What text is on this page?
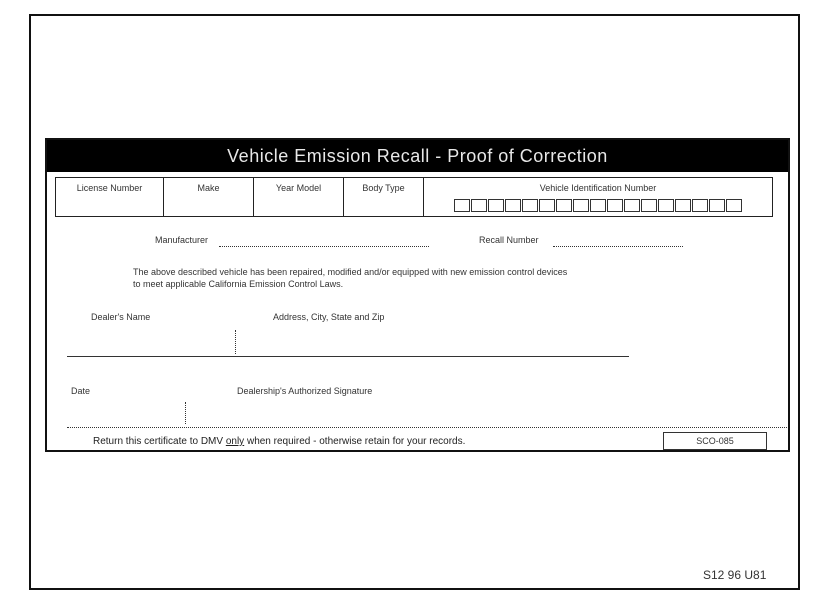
Vehicle Emission Recall - Proof of Correction
License Number	Make	Year Model	Body Type	Vehicle Identification Number
Manufacturer	Recall Number
The above described vehicle has been repaired, modified and/or equipped with new emission control devices
to meet applicable California Emission Control Laws.
Dealer's Name	Address, City, State and Zip
Date	Dealership's Authorized Signature
Return this certificate to DMV only when required - otherwise retain for your records.	SCO-085
S12 96 U81
